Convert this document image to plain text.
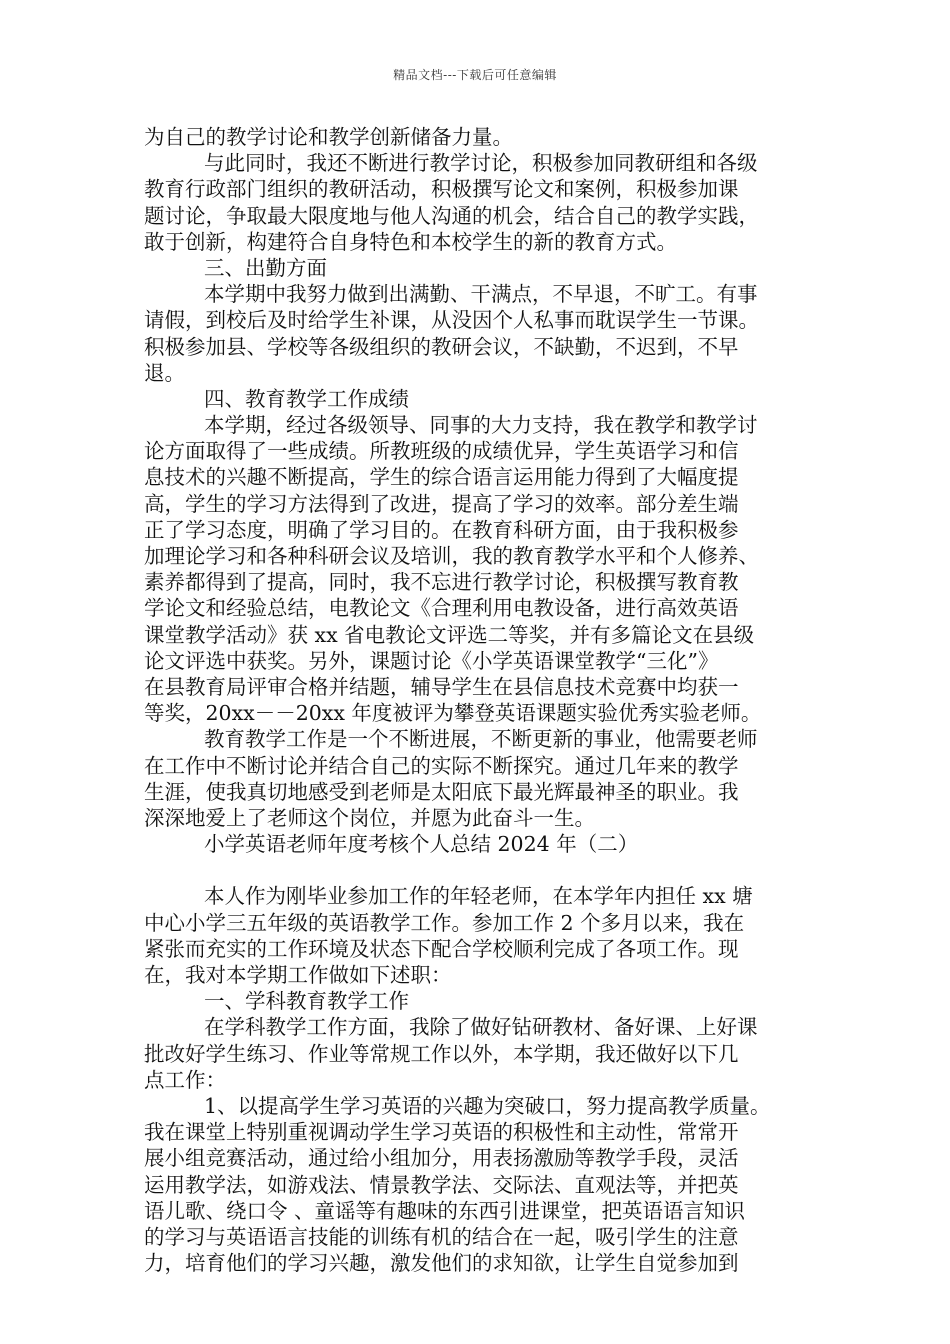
精品文档---下载后可任意编辑
为自己的教学讨论和教学创新储备力量。
与此同时，我还不断进行教学讨论，积极参加同教研组和各级
教育行政部门组织的教研活动，积极撰写论文和案例，积极参加课
题讨论，争取最大限度地与他人沟通的机会，结合自己的教学实践，
敢于创新，构建符合自身特色和本校学生的新的教育方式。
三、出勤方面
本学期中我努力做到出满勤、干满点，不早退，不旷工。有事
请假，到校后及时给学生补课，从没因个人私事而耽误学生一节课。
积极参加县、学校等各级组织的教研会议，不缺勤，不迟到，不早
退。
四、教育教学工作成绩
本学期，经过各级领导、同事的大力支持，我在教学和教学讨
论方面取得了一些成绩。所教班级的成绩优异，学生英语学习和信
息技术的兴趣不断提高，学生的综合语言运用能力得到了大幅度提
高，学生的学习方法得到了改进，提高了学习的效率。部分差生端
正了学习态度，明确了学习目的。在教育科研方面，由于我积极参
加理论学习和各种科研会议及培训，我的教育教学水平和个人修养、
素养都得到了提高，同时，我不忘进行教学讨论，积极撰写教育教
学论文和经验总结，电教论文《合理利用电教设备，进行高效英语
课堂教学活动》获 xx 省电教论文评选二等奖，并有多篇论文在县级
论文评选中获奖。另外，课题讨论《小学英语课堂教学“三化”》
在县教育局评审合格并结题，辅导学生在县信息技术竞赛中均获一
等奖，20xx－－20xx 年度被评为攀登英语课题实验优秀实验老师。
教育教学工作是一个不断进展，不断更新的事业，他需要老师
在工作中不断讨论并结合自己的实际不断探究。通过几年来的教学
生涯，使我真切地感受到老师是太阳底下最光辉最神圣的职业。我
深深地爱上了老师这个岗位，并愿为此奋斗一生。
小学英语老师年度考核个人总结 2024 年（二）
本人作为刚毕业参加工作的年轻老师，在本学年内担任 xx 塘
中心小学三五年级的英语教学工作。参加工作 2 个多月以来，我在
紧张而充实的工作环境及状态下配合学校顺利完成了各项工作。现
在，我对本学期工作做如下述职：
一、学科教育教学工作
在学科教学工作方面，我除了做好钻研教材、备好课、上好课
批改好学生练习、作业等常规工作以外，本学期，我还做好以下几
点工作：
1、以提高学生学习英语的兴趣为突破口，努力提高教学质量。
我在课堂上特别重视调动学生学习英语的积极性和主动性，常常开
展小组竞赛活动，通过给小组加分，用表扬激励等教学手段，灵活
运用教学法，如游戏法、情景教学法、交际法、直观法等，并把英
语儿歌、绕口令 、童谣等有趣味的东西引进课堂，把英语语言知识
的学习与英语语言技能的训练有机的结合在一起，吸引学生的注意
力，培育他们的学习兴趣，激发他们的求知欲，让学生自觉参加到
